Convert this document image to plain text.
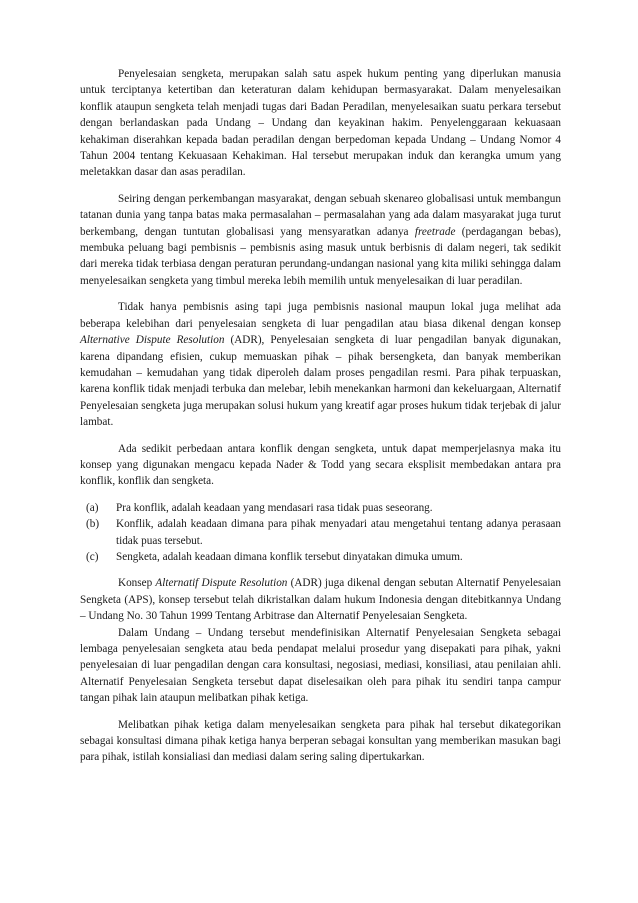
Penyelesaian sengketa, merupakan salah satu aspek hukum penting yang diperlukan manusia untuk terciptanya ketertiban dan keteraturan dalam kehidupan bermasyarakat. Dalam menyelesaikan konflik ataupun sengketa telah menjadi tugas dari Badan Peradilan, menyelesaikan suatu perkara tersebut dengan berlandaskan pada Undang – Undang dan keyakinan hakim. Penyelenggaraan kekuasaan kehakiman diserahkan kepada badan peradilan dengan berpedoman kepada Undang – Undang Nomor 4 Tahun 2004 tentang Kekuasaan Kehakiman. Hal tersebut merupakan induk dan kerangka umum yang meletakkan dasar dan asas peradilan.

Seiring dengan perkembangan masyarakat, dengan sebuah skenareo globalisasi untuk membangun tatanan dunia yang tanpa batas maka permasalahan – permasalahan yang ada dalam masyarakat juga turut berkembang, dengan tuntutan globalisasi yang mensyaratkan adanya freetrade (perdagangan bebas), membuka peluang bagi pembisnis – pembisnis asing masuk untuk berbisnis di dalam negeri, tak sedikit dari mereka tidak terbiasa dengan peraturan perundang-undangan nasional yang kita miliki sehingga dalam menyelesaikan sengketa yang timbul mereka lebih memilih untuk menyelesaikan di luar peradilan.

Tidak hanya pembisnis asing tapi juga pembisnis nasional maupun lokal juga melihat ada beberapa kelebihan dari penyelesaian sengketa di luar pengadilan atau biasa dikenal dengan konsep Alternative Dispute Resolution (ADR), Penyelesaian sengketa di luar pengadilan banyak digunakan, karena dipandang efisien, cukup memuaskan pihak – pihak bersengketa, dan banyak memberikan kemudahan – kemudahan yang tidak diperoleh dalam proses pengadilan resmi. Para pihak terpuaskan, karena konflik tidak menjadi terbuka dan melebar, lebih menekankan harmoni dan kekeluargaan, Alternatif Penyelesaian sengketa juga merupakan solusi hukum yang kreatif agar proses hukum tidak terjebak di jalur lambat.

Ada sedikit perbedaan antara konflik dengan sengketa, untuk dapat memperjelasnya maka itu konsep yang digunakan mengacu kepada Nader & Todd yang secara eksplisit membedakan antara pra konflik, konflik dan sengketa.

(a)	Pra konflik, adalah keadaan yang mendasari rasa tidak puas seseorang.
(b)	Konflik, adalah keadaan dimana para pihak menyadari atau mengetahui tentang adanya perasaan tidak puas tersebut.
(c)	Sengketa, adalah keadaan dimana konflik tersebut dinyatakan dimuka umum.

Konsep Alternatif Dispute Resolution (ADR) juga dikenal dengan sebutan Alternatif Penyelesaian Sengketa (APS), konsep tersebut telah dikristalkan dalam hukum Indonesia dengan ditebitkannya Undang – Undang No. 30 Tahun 1999 Tentang Arbitrase dan Alternatif Penyelesaian Sengketa.

Dalam Undang – Undang tersebut mendefinisikan Alternatif Penyelesaian Sengketa sebagai lembaga penyelesaian sengketa atau beda pendapat melalui prosedur yang disepakati para pihak, yakni penyelesaian di luar pengadilan dengan cara konsultasi, negosiasi, mediasi, konsiliasi, atau penilaian ahli. Alternatif Penyelesaian Sengketa tersebut dapat diselesaikan oleh para pihak itu sendiri tanpa campur tangan pihak lain ataupun melibatkan pihak ketiga.

Melibatkan pihak ketiga dalam menyelesaikan sengketa para pihak hal tersebut dikategorikan sebagai konsultasi dimana pihak ketiga hanya berperan sebagai konsultan yang memberikan masukan bagi para pihak, istilah konsialiasi dan mediasi dalam sering saling dipertukarkan.
